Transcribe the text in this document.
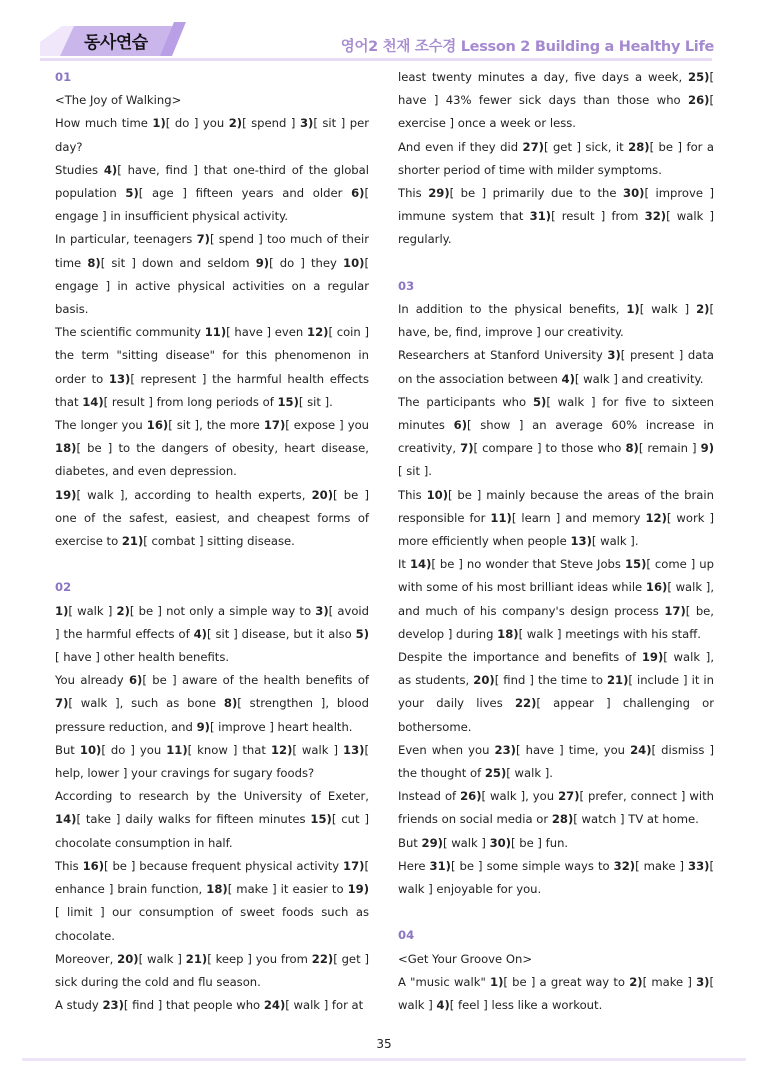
동사연습	영어2 천재 조수경 Lesson 2 Building a Healthy Life

01

<The Joy of Walking>

How much time 1)[ do ] you 2)[ spend ] 3)[ sit ] per day?

Studies 4)[ have, find ] that one-third of the global population 5)[ age ] fifteen years and older 6)[ engage ] in insufficient physical activity.

In particular, teenagers 7)[ spend ] too much of their time 8)[ sit ] down and seldom 9)[ do ] they 10)[ engage ] in active physical activities on a regular basis.

The scientific community 11)[ have ] even 12)[ coin ] the term "sitting disease" for this phenomenon in order to 13)[ represent ] the harmful health effects that 14)[ result ] from long periods of 15)[ sit ].

The longer you 16)[ sit ], the more 17)[ expose ] you 18)[ be ] to the dangers of obesity, heart disease, diabetes, and even depression.

19)[ walk ], according to health experts, 20)[ be ] one of the safest, easiest, and cheapest forms of exercise to 21)[ combat ] sitting disease.

02

1)[ walk ] 2)[ be ] not only a simple way to 3)[ avoid ] the harmful effects of 4)[ sit ] disease, but it also 5)[ have ] other health benefits.

You already 6)[ be ] aware of the health benefits of 7)[ walk ], such as bone 8)[ strengthen ], blood pressure reduction, and 9)[ improve ] heart health.

But 10)[ do ] you 11)[ know ] that 12)[ walk ] 13)[ help, lower ] your cravings for sugary foods?

According to research by the University of Exeter, 14)[ take ] daily walks for fifteen minutes 15)[ cut ] chocolate consumption in half.

This 16)[ be ] because frequent physical activity 17)[ enhance ] brain function, 18)[ make ] it easier to 19)[ limit ] our consumption of sweet foods such as chocolate.

Moreover, 20)[ walk ] 21)[ keep ] you from 22)[ get ] sick during the cold and flu season.

A study 23)[ find ] that people who 24)[ walk ] for at

least twenty minutes a day, five days a week, 25)[ have ] 43% fewer sick days than those who 26)[ exercise ] once a week or less.

And even if they did 27)[ get ] sick, it 28)[ be ] for a shorter period of time with milder symptoms.

This 29)[ be ] primarily due to the 30)[ improve ] immune system that 31)[ result ] from 32)[ walk ] regularly.

03

In addition to the physical benefits, 1)[ walk ] 2)[ have, be, find, improve ] our creativity.

Researchers at Stanford University 3)[ present ] data on the association between 4)[ walk ] and creativity.

The participants who 5)[ walk ] for five to sixteen minutes 6)[ show ] an average 60% increase in creativity, 7)[ compare ] to those who 8)[ remain ] 9)[ sit ].

This 10)[ be ] mainly because the areas of the brain responsible for 11)[ learn ] and memory 12)[ work ] more efficiently when people 13)[ walk ].

It 14)[ be ] no wonder that Steve Jobs 15)[ come ] up with some of his most brilliant ideas while 16)[ walk ], and much of his company's design process 17)[ be, develop ] during 18)[ walk ] meetings with his staff.

Despite the importance and benefits of 19)[ walk ], as students, 20)[ find ] the time to 21)[ include ] it in your daily lives 22)[ appear ] challenging or bothersome.

Even when you 23)[ have ] time, you 24)[ dismiss ] the thought of 25)[ walk ].

Instead of 26)[ walk ], you 27)[ prefer, connect ] with friends on social media or 28)[ watch ] TV at home.

But 29)[ walk ] 30)[ be ] fun.

Here 31)[ be ] some simple ways to 32)[ make ] 33)[ walk ] enjoyable for you.

04

<Get Your Groove On>

A "music walk" 1)[ be ] a great way to 2)[ make ] 3)[ walk ] 4)[ feel ] less like a workout.

35
